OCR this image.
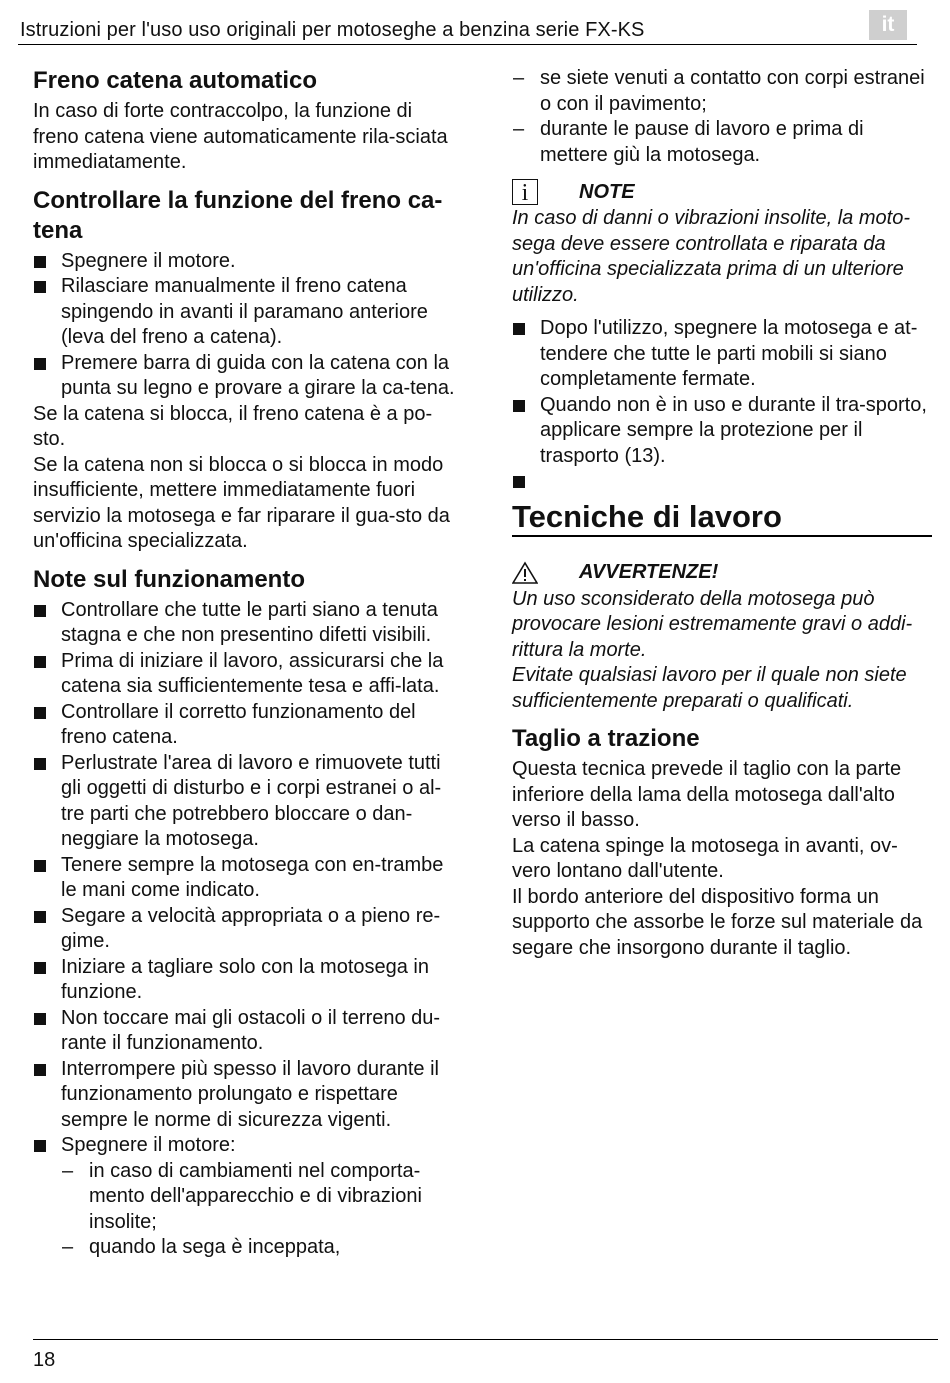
Istruzioni per l'uso uso originali per motoseghe a benzina serie FX-KS	it
Freno catena automatico

In caso di forte contraccolpo, la funzione di freno catena viene automaticamente rila-sciata immediatamente.

Controllare la funzione del freno ca-tena
Spegnere il motore.
Rilasciare manualmente il freno catena spingendo in avanti il paramano anteriore (leva del freno a catena).
Premere barra di guida con la catena con la punta su legno e provare a girare la ca-tena.

Se la catena si blocca, il freno catena è a po-sto.

Se la catena non si blocca o si blocca in modo insufficiente, mettere immediatamente fuori servizio la motosega e far riparare il gua-sto da un'officina specializzata.

Note sul funzionamento
Controllare che tutte le parti siano a tenuta stagna e che non presentino difetti visibili.
Prima di iniziare il lavoro, assicurarsi che la catena sia sufficientemente tesa e affi-lata.
Controllare il corretto funzionamento del freno catena.
Perlustrate l'area di lavoro e rimuovete tutti gli oggetti di disturbo e i corpi estranei o al-tre parti che potrebbero bloccare o dan-neggiare la motosega.
Tenere sempre la motosega con en-trambe le mani come indicato.
Segare a velocità appropriata o a pieno re-gime.
Iniziare a tagliare solo con la motosega in funzione.
Non toccare mai gli ostacoli o il terreno du-rante il funzionamento.
Interrompere più spesso il lavoro durante il funzionamento prolungato e rispettare sempre le norme di sicurezza vigenti.
Spegnere il motore:
– in caso di cambiamenti nel comporta-mento dell'apparecchio e di vibrazioni insolite;
– quando la sega è inceppata,
– se siete venuti a contatto con corpi estranei o con il pavimento;
– durante le pause di lavoro e prima di mettere giù la motosega.
i	NOTE

In caso di danni o vibrazioni insolite, la moto-sega deve essere controllata e riparata da un'officina specializzata prima di un ulteriore utilizzo.

Dopo l'utilizzo, spegnere la motosega e at-tendere che tutte le parti mobili si siano completamente fermate.
Quando non è in uso e durante il tra-sporto, applicare sempre la protezione per il trasporto (13).
Tecniche di lavoro
AVVERTENZE!

Un uso sconsiderato della motosega può provocare lesioni estremamente gravi o addi-rittura la morte.

Evitate qualsiasi lavoro per il quale non siete sufficientemente preparati o qualificati.

Taglio a trazione

Questa tecnica prevede il taglio con la parte inferiore della lama della motosega dall'alto verso il basso.

La catena spinge la motosega in avanti, ov-vero lontano dall'utente.

Il bordo anteriore del dispositivo forma un supporto che assorbe le forze sul materiale da segare che insorgono durante il taglio.

18
